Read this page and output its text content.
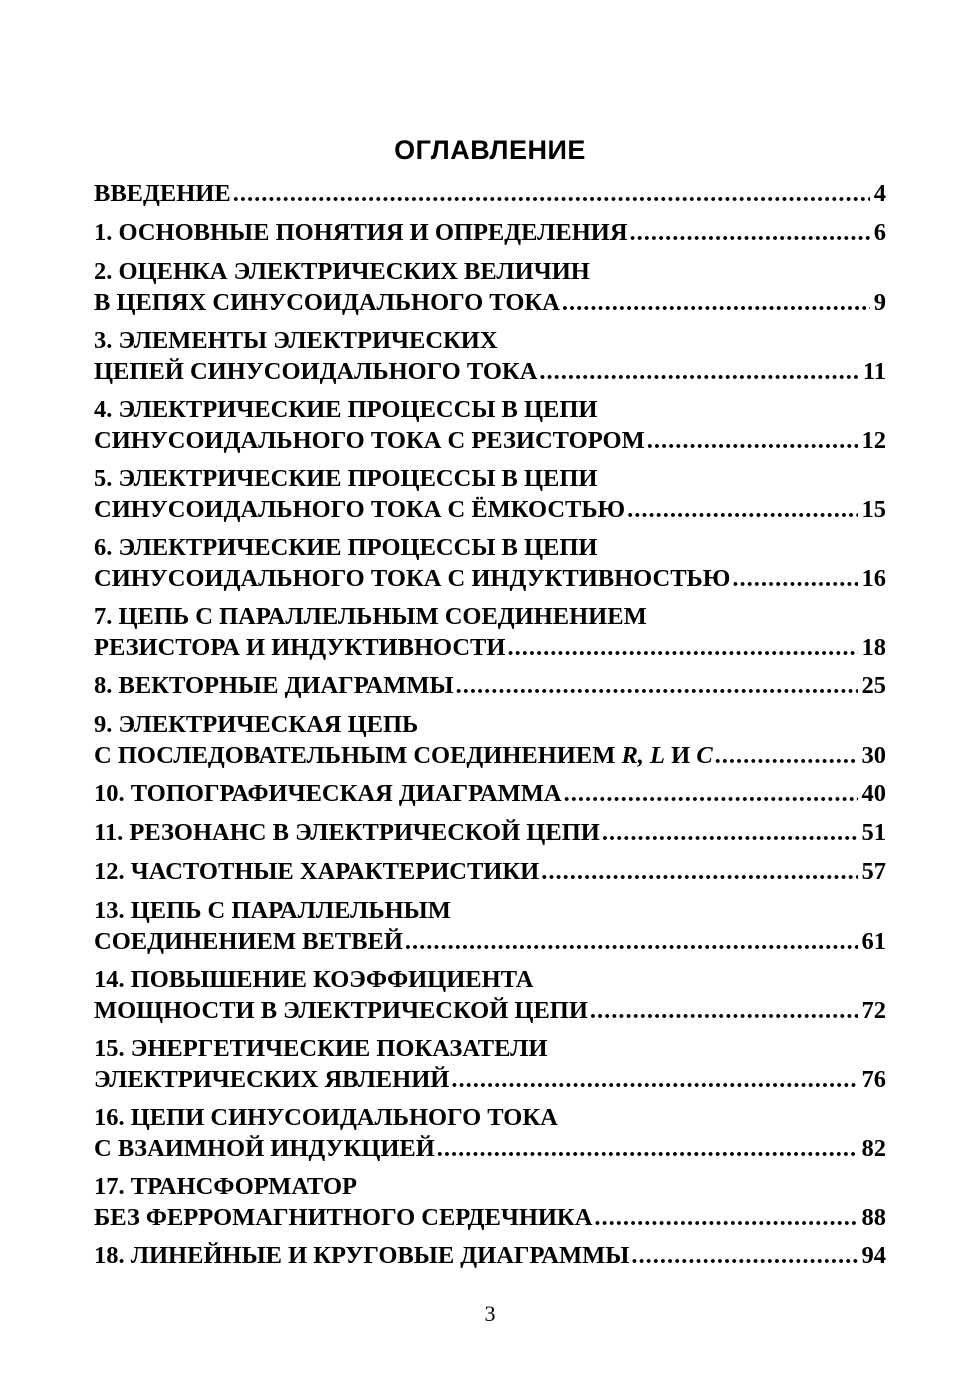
ОГЛАВЛЕНИЕ
ВВЕДЕНИЕ .....	4
1. ОСНОВНЫЕ ПОНЯТИЯ И ОПРЕДЕЛЕНИЯ .....	6
2. ОЦЕНКА ЭЛЕКТРИЧЕСКИХ ВЕЛИЧИН
В ЦЕПЯХ СИНУСОИДАЛЬНОГО ТОКА .....	9
3. ЭЛЕМЕНТЫ ЭЛЕКТРИЧЕСКИХ
ЦЕПЕЙ СИНУСОИДАЛЬНОГО ТОКА .....	11
4. ЭЛЕКТРИЧЕСКИЕ ПРОЦЕССЫ В ЦЕПИ
СИНУСОИДАЛЬНОГО ТОКА С РЕЗИСТОРОМ .....	12
5. ЭЛЕКТРИЧЕСКИЕ ПРОЦЕССЫ В ЦЕПИ
СИНУСОИДАЛЬНОГО ТОКА С ЁМКОСТЬЮ .....	15
6. ЭЛЕКТРИЧЕСКИЕ ПРОЦЕССЫ В ЦЕПИ
СИНУСОИДАЛЬНОГО ТОКА С ИНДУКТИВНОСТЬЮ .....	16
7. ЦЕПЬ С ПАРАЛЛЕЛЬНЫМ СОЕДИНЕНИЕМ
РЕЗИСТОРА И ИНДУКТИВНОСТИ .....	18
8. ВЕКТОРНЫЕ ДИАГРАММЫ .....	25
9. ЭЛЕКТРИЧЕСКАЯ ЦЕПЬ
С ПОСЛЕДОВАТЕЛЬНЫМ СОЕДИНЕНИЕМ R, L И C .....	30
10. ТОПОГРАФИЧЕСКАЯ ДИАГРАММА .....	40
11. РЕЗОНАНС В ЭЛЕКТРИЧЕСКОЙ ЦЕПИ .....	51
12. ЧАСТОТНЫЕ ХАРАКТЕРИСТИКИ .....	57
13. ЦЕПЬ С ПАРАЛЛЕЛЬНЫМ
СОЕДИНЕНИЕМ ВЕТВЕЙ .....	61
14. ПОВЫШЕНИЕ КОЭФФИЦИЕНТА
МОЩНОСТИ В ЭЛЕКТРИЧЕСКОЙ ЦЕПИ .....	72
15. ЭНЕРГЕТИЧЕСКИЕ ПОКАЗАТЕЛИ
ЭЛЕКТРИЧЕСКИХ ЯВЛЕНИЙ .....	76
16. ЦЕПИ СИНУСОИДАЛЬНОГО ТОКА
С ВЗАИМНОЙ ИНДУКЦИЕЙ .....	82
17. ТРАНСФОРМАТОР
БЕЗ ФЕРРОМАГНИТНОГО СЕРДЕЧНИКА .....	88
18. ЛИНЕЙНЫЕ И КРУГОВЫЕ ДИАГРАММЫ .....	94
3
